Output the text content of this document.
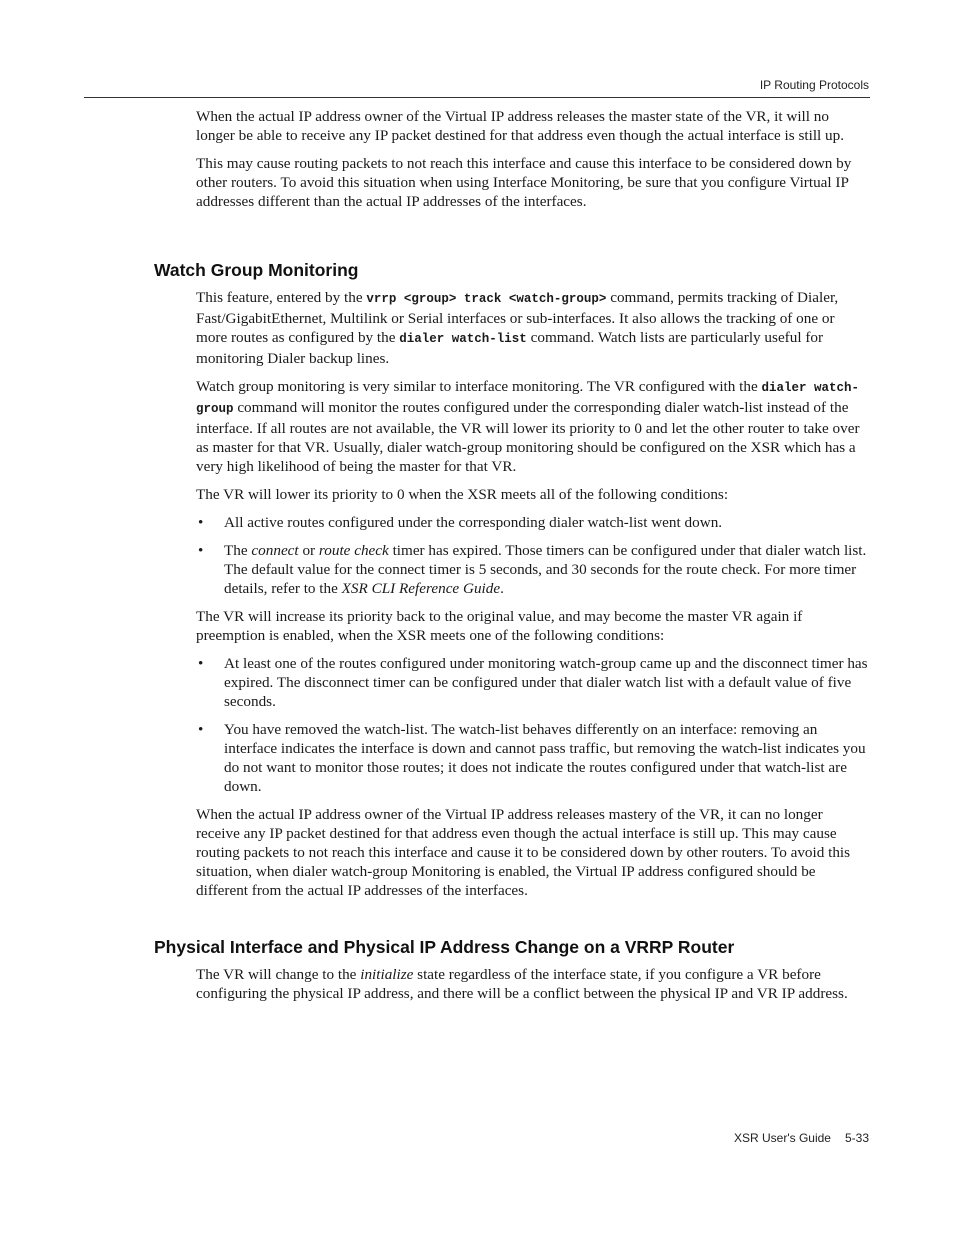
IP Routing Protocols

When the actual IP address owner of the Virtual IP address releases the master state of the VR, it will no longer be able to receive any IP packet destined for that address even though the actual interface is still up.

This may cause routing packets to not reach this interface and cause this interface to be considered down by other routers. To avoid this situation when using Interface Monitoring, be sure that you configure Virtual IP addresses different than the actual IP addresses of the interfaces.

Watch Group Monitoring

This feature, entered by the vrrp <group> track <watch-group> command, permits tracking of Dialer, Fast/GigabitEthernet, Multilink or Serial interfaces or sub-interfaces. It also allows the tracking of one or more routes as configured by the dialer watch-list command. Watch lists are particularly useful for monitoring Dialer backup lines.

Watch group monitoring is very similar to interface monitoring. The VR configured with the dialer watch-group command will monitor the routes configured under the corresponding dialer watch-list instead of the interface. If all routes are not available, the VR will lower its priority to 0 and let the other router to take over as master for that VR. Usually, dialer watch-group monitoring should be configured on the XSR which has a very high likelihood of being the master for that VR.

The VR will lower its priority to 0 when the XSR meets all of the following conditions:

• All active routes configured under the corresponding dialer watch-list went down.
• The connect or route check timer has expired. Those timers can be configured under that dialer watch list. The default value for the connect timer is 5 seconds, and 30 seconds for the route check. For more timer details, refer to the XSR CLI Reference Guide.

The VR will increase its priority back to the original value, and may become the master VR again if preemption is enabled, when the XSR meets one of the following conditions:

• At least one of the routes configured under monitoring watch-group came up and the disconnect timer has expired. The disconnect timer can be configured under that dialer watch list with a default value of five seconds.
• You have removed the watch-list. The watch-list behaves differently on an interface: removing an interface indicates the interface is down and cannot pass traffic, but removing the watch-list indicates you do not want to monitor those routes; it does not indicate the routes configured under that watch-list are down.

When the actual IP address owner of the Virtual IP address releases mastery of the VR, it can no longer receive any IP packet destined for that address even though the actual interface is still up. This may cause routing packets to not reach this interface and cause it to be considered down by other routers. To avoid this situation, when dialer watch-group Monitoring is enabled, the Virtual IP address configured should be different from the actual IP addresses of the interfaces.

Physical Interface and Physical IP Address Change on a VRRP Router

The VR will change to the initialize state regardless of the interface state, if you configure a VR before configuring the physical IP address, and there will be a conflict between the physical IP and VR IP address.

XSR User's Guide 5-33
